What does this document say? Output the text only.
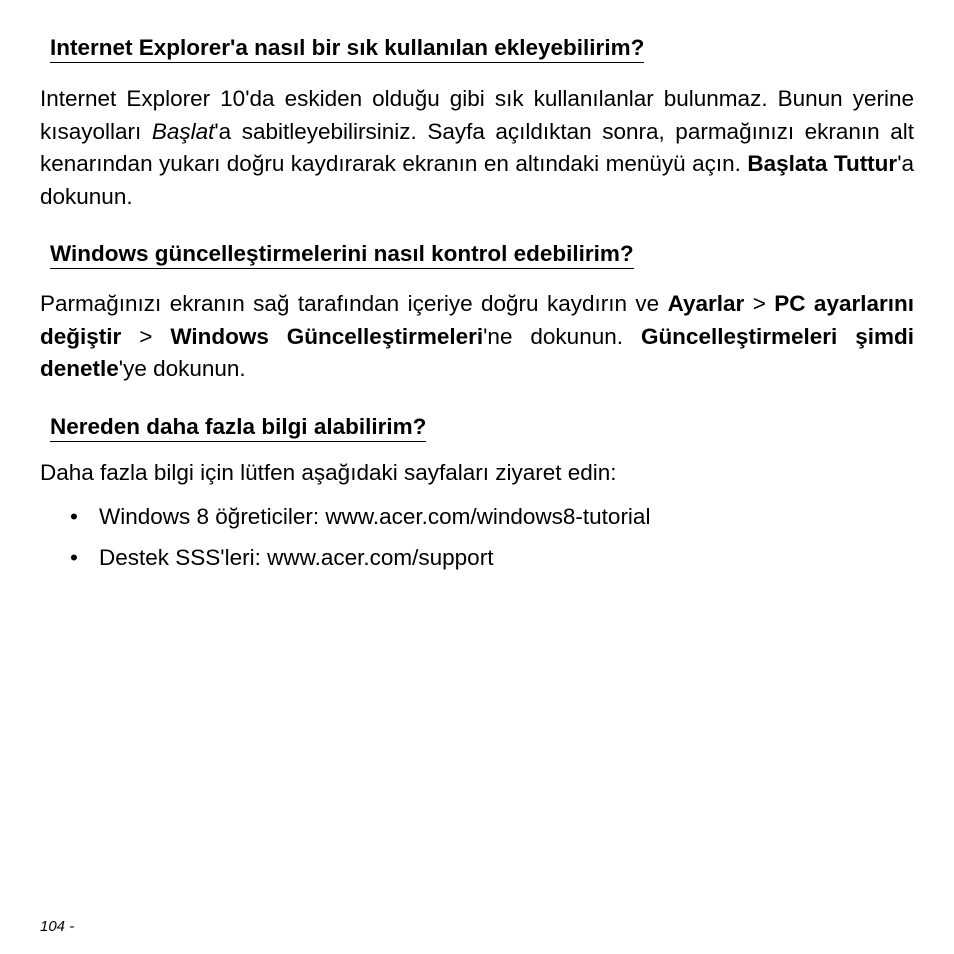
Internet Explorer'a nasıl bir sık kullanılan ekleyebilirim?

Internet Explorer 10'da eskiden olduğu gibi sık kullanılanlar bulunmaz. Bunun yerine kısayolları Başlat'a sabitleyebilirsiniz. Sayfa açıldıktan sonra, parmağınızı ekranın alt kenarından yukarı doğru kaydırarak ekranın en altındaki menüyü açın. Başlata Tuttur'a dokunun.

Windows güncelleştirmelerini nasıl kontrol edebilirim?

Parmağınızı ekranın sağ tarafından içeriye doğru kaydırın ve Ayarlar > PC ayarlarını değiştir > Windows Güncelleştirmeleri'ne dokunun. Güncelleştirmeleri şimdi denetle'ye dokunun.

Nereden daha fazla bilgi alabilirim?

Daha fazla bilgi için lütfen aşağıdaki sayfaları ziyaret edin:

• Windows 8 öğreticiler: www.acer.com/windows8-tutorial
• Destek SSS'leri: www.acer.com/support
104 -
